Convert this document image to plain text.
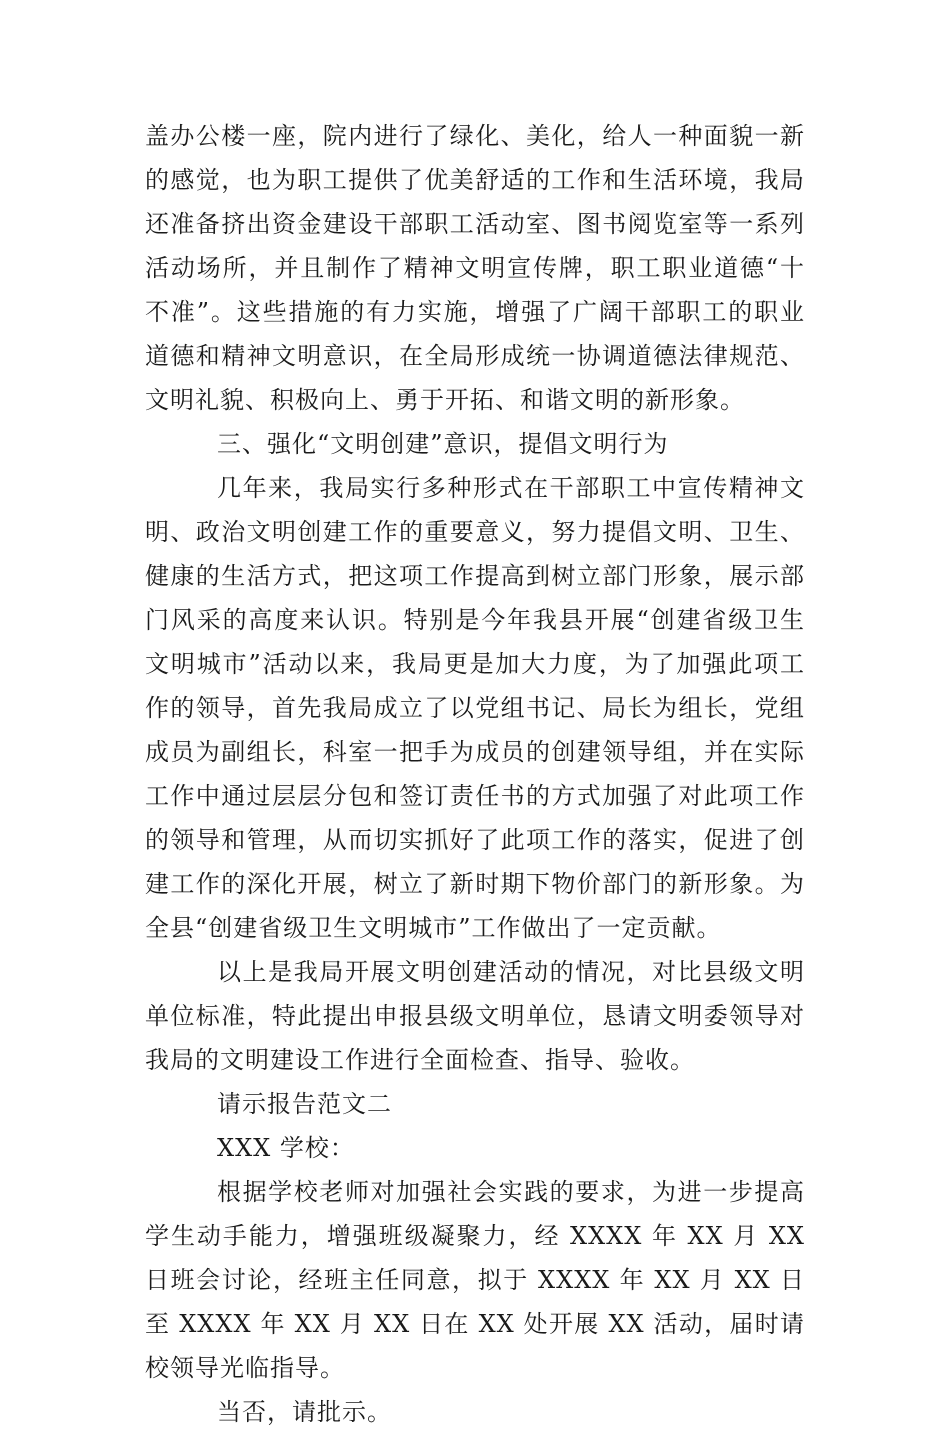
盖办公楼一座，院内进行了绿化、美化，给人一种面貌一新的感觉，也为职工提供了优美舒适的工作和生活环境，我局还准备挤出资金建设干部职工活动室、图书阅览室等一系列活动场所，并且制作了精神文明宣传牌，职工职业道德“十不准”。这些措施的有力实施，增强了广阔干部职工的职业道德和精神文明意识，在全局形成统一协调道德法律规范、文明礼貌、积极向上、勇于开拓、和谐文明的新形象。

三、强化“文明创建”意识，提倡文明行为

几年来，我局实行多种形式在干部职工中宣传精神文明、政治文明创建工作的重要意义，努力提倡文明、卫生、健康的生活方式，把这项工作提高到树立部门形象，展示部门风采的高度来认识。特别是今年我县开展“创建省级卫生文明城市”活动以来，我局更是加大力度，为了加强此项工作的领导，首先我局成立了以党组书记、局长为组长，党组成员为副组长，科室一把手为成员的创建领导组，并在实际工作中通过层层分包和签订责任书的方式加强了对此项工作的领导和管理，从而切实抓好了此项工作的落实，促进了创建工作的深化开展，树立了新时期下物价部门的新形象。为全县“创建省级卫生文明城市”工作做出了一定贡献。

以上是我局开展文明创建活动的情况，对比县级文明单位标准，特此提出申报县级文明单位，恳请文明委领导对我局的文明建设工作进行全面检查、指导、验收。

请示报告范文二

XXX 学校：

根据学校老师对加强社会实践的要求，为进一步提高学生动手能力，增强班级凝聚力，经 XXXX 年 XX 月 XX 日班会讨论，经班主任同意，拟于 XXXX 年 XX 月 XX 日至 XXXX 年 XX 月 XX 日在 XX 处开展 XX 活动，届时请校领导光临指导。

当否，请批示。
